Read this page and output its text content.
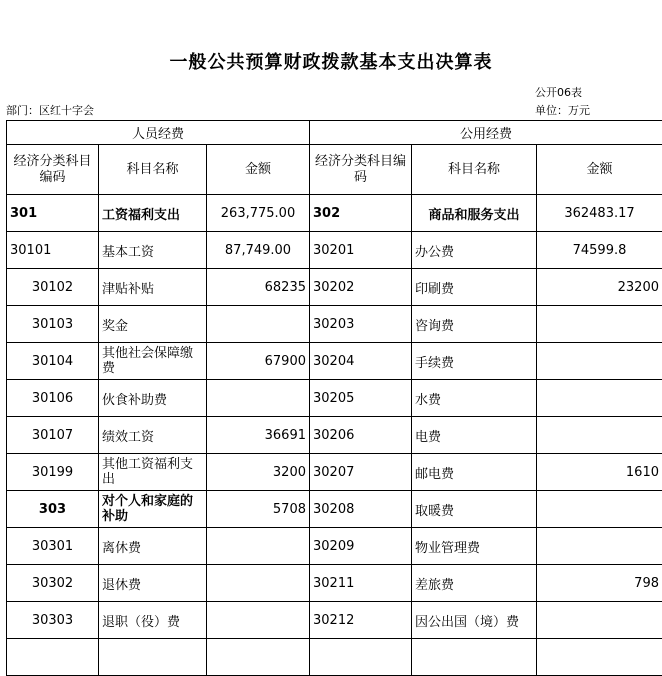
一般公共预算财政拨款基本支出决算表
公开06表
部门：区红十字会	单位：万元
人员经费			公用经费		
经济分类科目编码	科目名称	金额	经济分类科目编码	科目名称	金额
301	工资福利支出	263,775.00	302	商品和服务支出	362483.17
30101	基本工资	87,749.00	30201	办公费	74599.8
30102	津贴补贴	68235	30202	印刷费	23200
30103	奖金		30203	咨询费	
30104	其他社会保障缴费	67900	30204	手续费	
30106	伙食补助费		30205	水费	
30107	绩效工资	36691	30206	电费	
30199	其他工资福利支出	3200	30207	邮电费	1610
303	对个人和家庭的补助	5708	30208	取暖费	
30301	离休费		30209	物业管理费	
30302	退休费		30211	差旅费	798
30303	退职（役）费		30212	因公出国（境）费	
